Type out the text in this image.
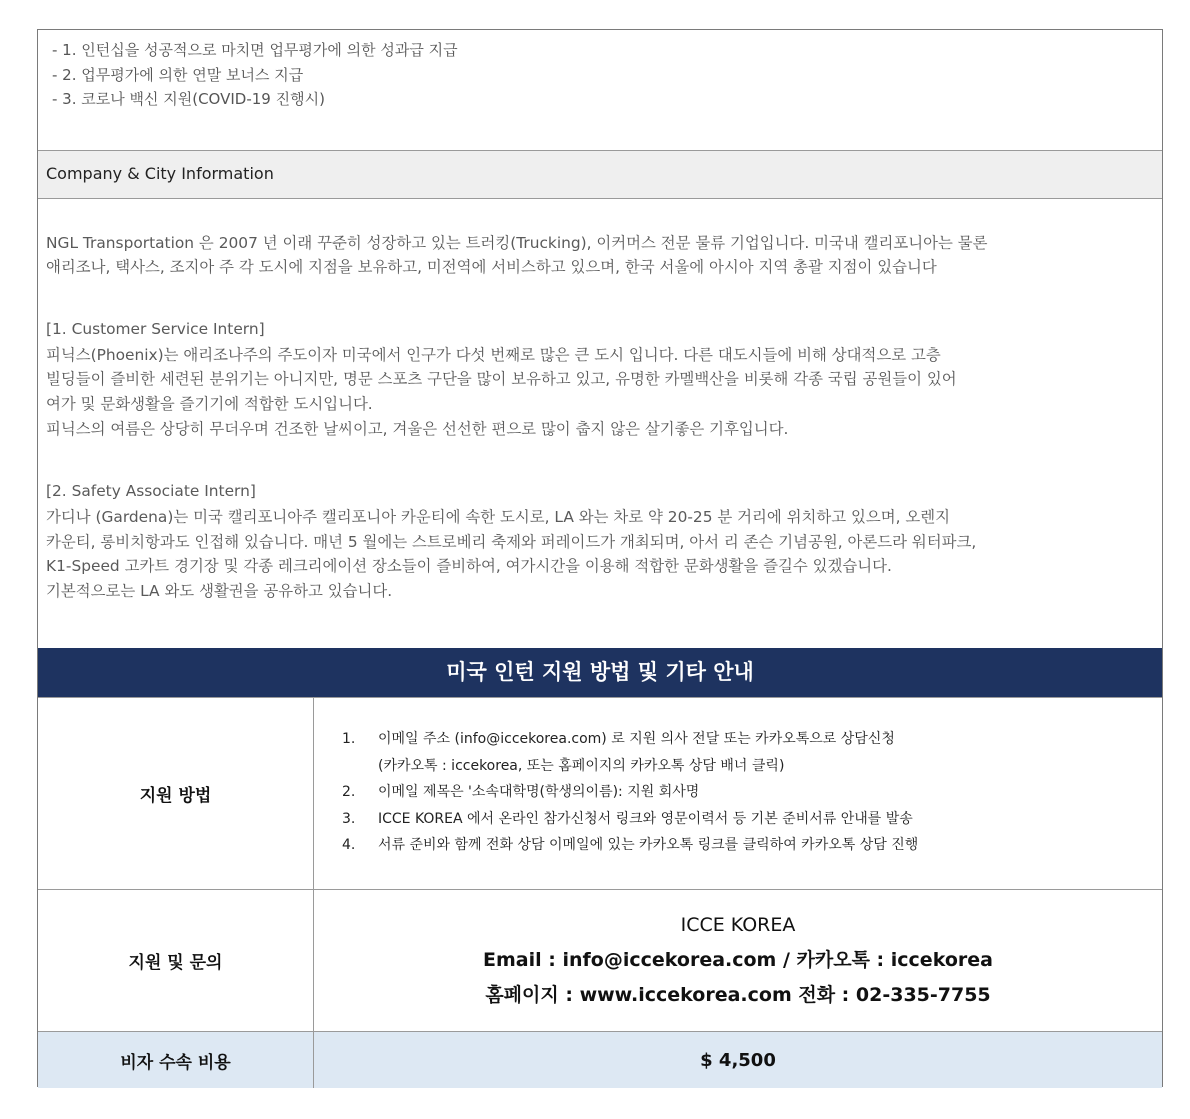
- 1. 인턴십을 성공적으로 마치면 업무평가에 의한 성과급 지급
- 2. 업무평가에 의한 연말 보너스 지급
- 3. 코로나 백신 지원(COVID-19 진행시)
Company & City Information
NGL Transportation 은 2007 년 이래 꾸준히 성장하고 있는 트러킹(Trucking), 이커머스 전문 물류 기업입니다. 미국내 캘리포니아는 물론
애리조나, 택사스, 조지아 주 각 도시에 지점을 보유하고, 미전역에 서비스하고 있으며, 한국 서울에 아시아 지역 총괄 지점이 있습니다
[1. Customer Service Intern]
피닉스(Phoenix)는 애리조나주의 주도이자 미국에서 인구가 다섯 번째로 많은 큰 도시 입니다. 다른 대도시들에 비해 상대적으로 고층
빌딩들이 즐비한 세련된 분위기는 아니지만, 명문 스포츠 구단을 많이 보유하고 있고, 유명한 카멜백산을 비롯해 각종 국립 공원들이 있어
여가 및 문화생활을 즐기기에 적합한 도시입니다.
피닉스의 여름은 상당히 무더우며 건조한 날씨이고, 겨울은 선선한 편으로 많이 춥지 않은 살기좋은 기후입니다.
[2. Safety Associate Intern]
가디나 (Gardena)는 미국 캘리포니아주 캘리포니아 카운티에 속한 도시로, LA 와는 차로 약 20-25 분 거리에 위치하고 있으며, 오렌지
카운티, 롱비치항과도 인접해 있습니다. 매년 5 월에는 스트로베리 축제와 퍼레이드가 개최되며, 아서 리 존슨 기념공원, 아론드라 워터파크,
K1-Speed 고카트 경기장 및 각종 레크리에이션 장소들이 즐비하여, 여가시간을 이용해 적합한 문화생활을 즐길수 있겠습니다.
기본적으로는 LA 와도 생활권을 공유하고 있습니다.
미국 인턴 지원 방법 및 기타 안내
지원 방법
1.	이메일 주소 (info@iccekorea.com) 로 지원 의사 전달 또는 카카오톡으로 상담신청
(카카오톡 : iccekorea, 또는 홈페이지의 카카오톡 상담 배너 클릭)
2.	이메일 제목은 '소속대학명(학생의이름): 지원 회사명
3.	ICCE KOREA 에서 온라인 참가신청서 링크와 영문이력서 등 기본 준비서류 안내를 발송
4.	서류 준비와 함께 전화 상담 이메일에 있는 카카오톡 링크를 클릭하여 카카오톡 상담 진행
지원 및 문의
ICCE KOREA
Email : info@iccekorea.com / 카카오톡 : iccekorea
홈페이지 : www.iccekorea.com 전화 : 02-335-7755
비자 수속 비용	$ 4,500
